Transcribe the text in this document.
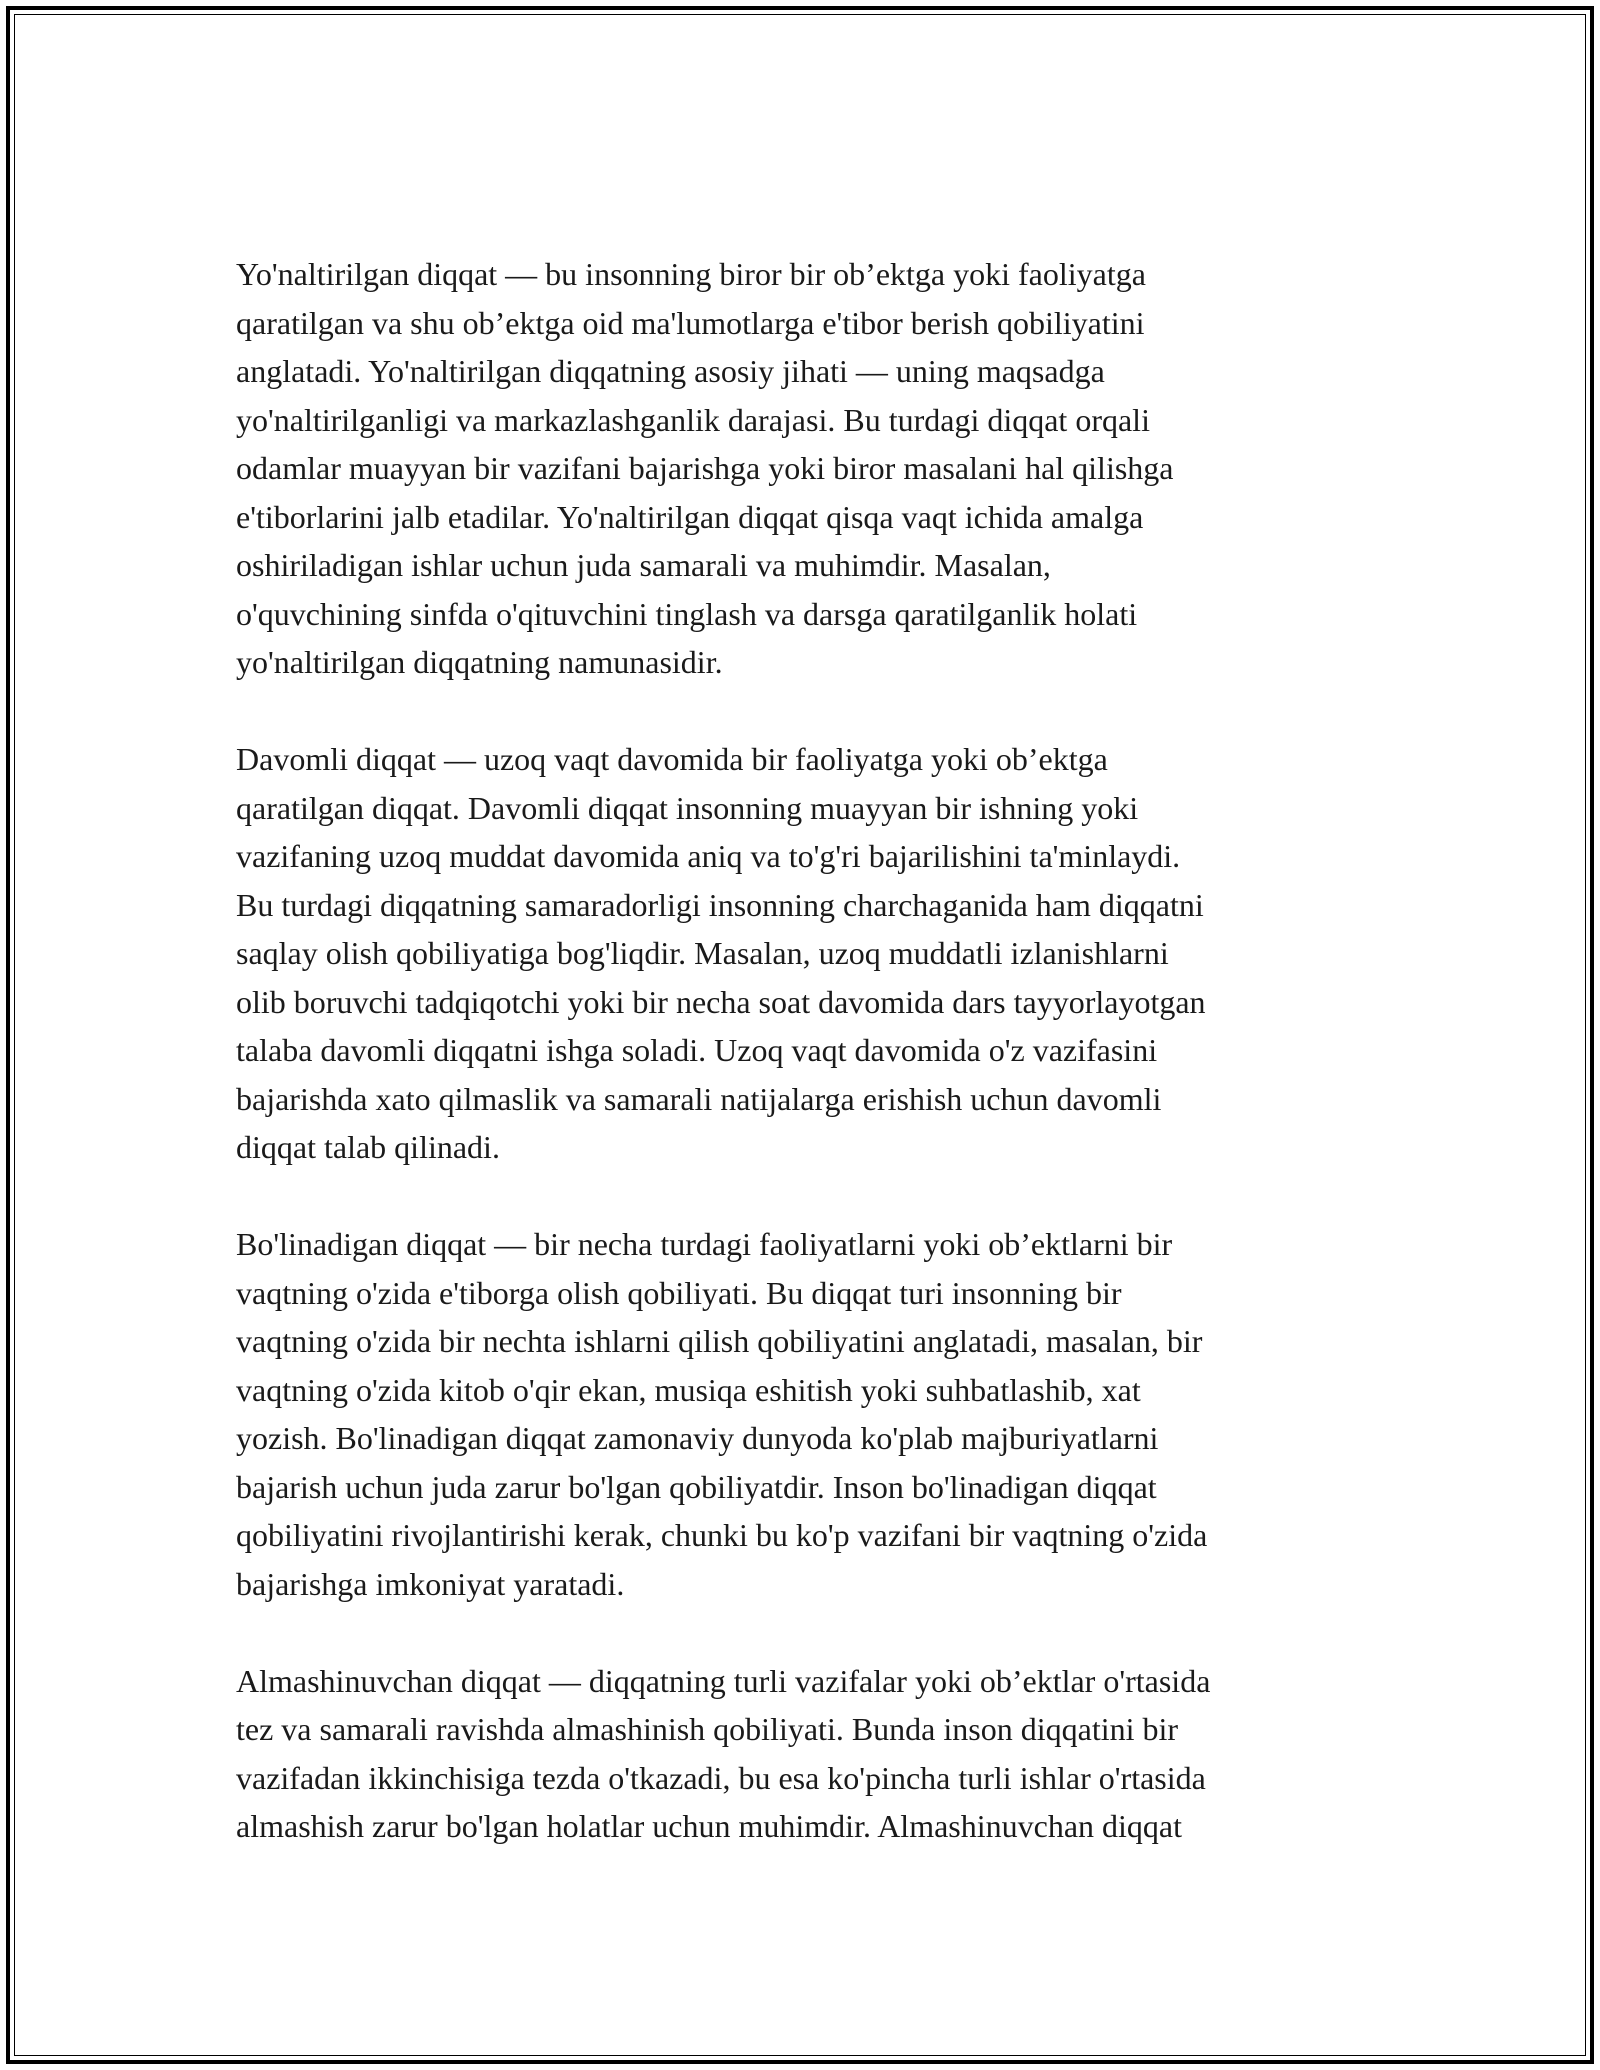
Yo'naltirilgan diqqat — bu insonning biror bir ob’ektga yoki faoliyatga
qaratilgan va shu ob’ektga oid ma'lumotlarga e'tibor berish qobiliyatini
anglatadi. Yo'naltirilgan diqqatning asosiy jihati — uning maqsadga
yo'naltirilganligi va markazlashganlik darajasi. Bu turdagi diqqat orqali
odamlar muayyan bir vazifani bajarishga yoki biror masalani hal qilishga
e'tiborlarini jalb etadilar. Yo'naltirilgan diqqat qisqa vaqt ichida amalga
oshiriladigan ishlar uchun juda samarali va muhimdir. Masalan,
o'quvchining sinfda o'qituvchini tinglash va darsga qaratilganlik holati
yo'naltirilgan diqqatning namunasidir.

Davomli diqqat — uzoq vaqt davomida bir faoliyatga yoki ob’ektga
qaratilgan diqqat. Davomli diqqat insonning muayyan bir ishning yoki
vazifaning uzoq muddat davomida aniq va to'g'ri bajarilishini ta'minlaydi.
Bu turdagi diqqatning samaradorligi insonning charchaganida ham diqqatni
saqlay olish qobiliyatiga bog'liqdir. Masalan, uzoq muddatli izlanishlarni
olib boruvchi tadqiqotchi yoki bir necha soat davomida dars tayyorlayotgan
talaba davomli diqqatni ishga soladi. Uzoq vaqt davomida o'z vazifasini
bajarishda xato qilmaslik va samarali natijalarga erishish uchun davomli
diqqat talab qilinadi.

Bo'linadigan diqqat — bir necha turdagi faoliyatlarni yoki ob’ektlarni bir
vaqtning o'zida e'tiborga olish qobiliyati. Bu diqqat turi insonning bir
vaqtning o'zida bir nechta ishlarni qilish qobiliyatini anglatadi, masalan, bir
vaqtning o'zida kitob o'qir ekan, musiqa eshitish yoki suhbatlashib, xat
yozish. Bo'linadigan diqqat zamonaviy dunyoda ko'plab majburiyatlarni
bajarish uchun juda zarur bo'lgan qobiliyatdir. Inson bo'linadigan diqqat
qobiliyatini rivojlantirishi kerak, chunki bu ko'p vazifani bir vaqtning o'zida
bajarishga imkoniyat yaratadi.

Almashinuvchan diqqat — diqqatning turli vazifalar yoki ob’ektlar o'rtasida
tez va samarali ravishda almashinish qobiliyati. Bunda inson diqqatini bir
vazifadan ikkinchisiga tezda o'tkazadi, bu esa ko'pincha turli ishlar o'rtasida
almashish zarur bo'lgan holatlar uchun muhimdir. Almashinuvchan diqqat
